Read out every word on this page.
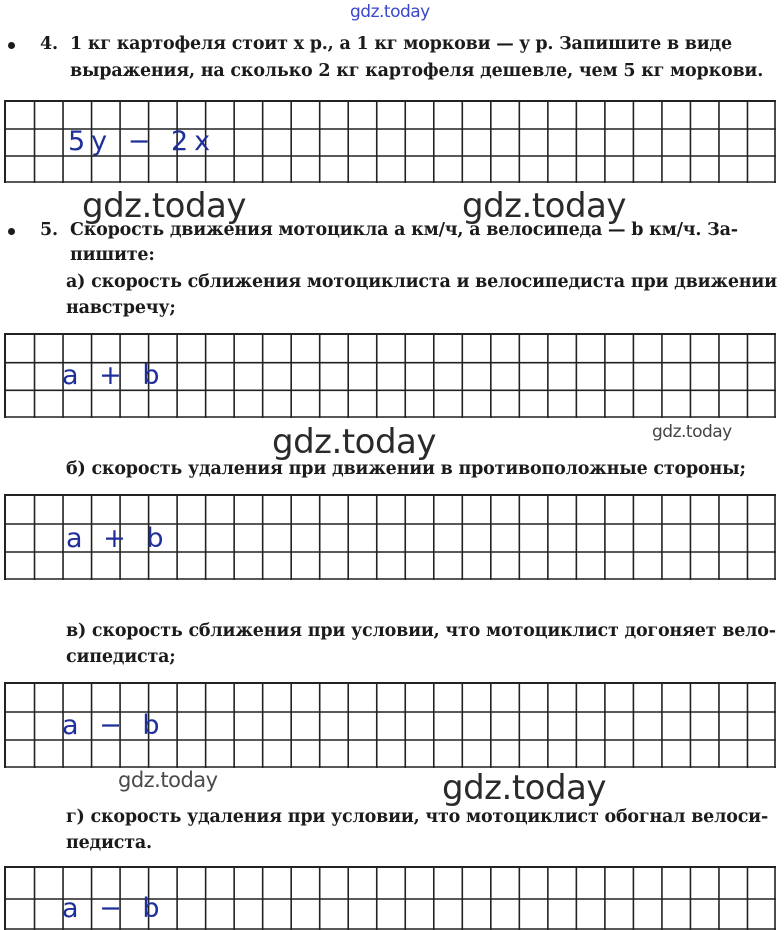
gdz.today
4. 1 кг картофеля стоит x р., а 1 кг моркови — y р. Запишите в виде
выражения, на сколько 2 кг картофеля дешевле, чем 5 кг моркови.
5y − 2x
gdz.today	gdz.today
5. Скорость движения мотоцикла a км/ч, а велосипеда — b км/ч. За-
пишите:
а) скорость сближения мотоциклиста и велосипедиста при движении
навстречу;
a + b
gdz.today	gdz.today
б) скорость удаления при движении в противоположные стороны;
a + b
в) скорость сближения при условии, что мотоциклист догоняет вело-
сипедиста;
a − b
gdz.today	gdz.today
г) скорость удаления при условии, что мотоциклист обогнал велоси-
педиста.
a − b
